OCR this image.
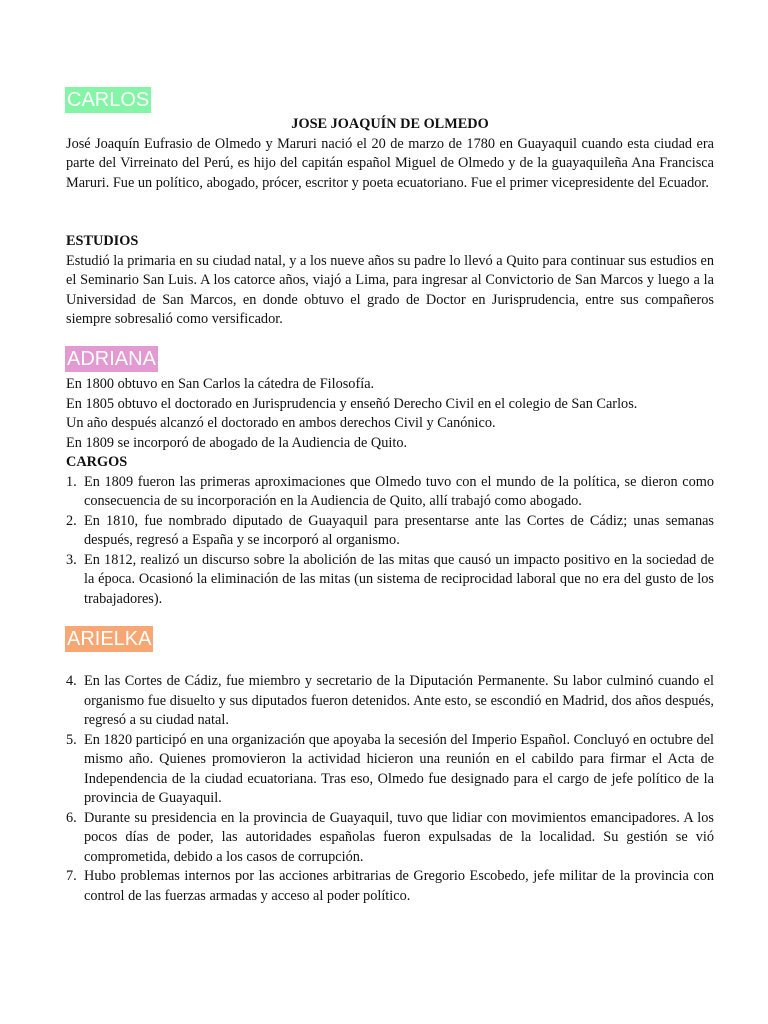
CARLOS

JOSE JOAQUÍN DE OLMEDO

José Joaquín Eufrasio de Olmedo y Maruri nació el 20 de marzo de 1780 en Guayaquil cuando esta ciudad era parte del Virreinato del Perú, es hijo del capitán español Miguel de Olmedo y de la guayaquileña Ana Francisca Maruri. Fue un político, abogado, prócer, escritor y poeta ecuatoriano. Fue el primer vicepresidente del Ecuador.

ESTUDIOS

Estudió la primaria en su ciudad natal, y a los nueve años su padre lo llevó a Quito para continuar sus estudios en el Seminario San Luis. A los catorce años, viajó a Lima, para ingresar al Convictorio de San Marcos y luego a la Universidad de San Marcos, en donde obtuvo el grado de Doctor en Jurisprudencia, entre sus compañeros siempre sobresalió como versificador.

ADRIANA

En 1800 obtuvo en San Carlos la cátedra de Filosofía.

En 1805 obtuvo el doctorado en Jurisprudencia y enseñó Derecho Civil en el colegio de San Carlos.

Un año después alcanzó el doctorado en ambos derechos Civil y Canónico.

En 1809 se incorporó de abogado de la Audiencia de Quito.

CARGOS

1. En 1809 fueron las primeras aproximaciones que Olmedo tuvo con el mundo de la política, se dieron como consecuencia de su incorporación en la Audiencia de Quito, allí trabajó como abogado.
2. En 1810, fue nombrado diputado de Guayaquil para presentarse ante las Cortes de Cádiz; unas semanas después, regresó a España y se incorporó al organismo.
3. En 1812, realizó un discurso sobre la abolición de las mitas que causó un impacto positivo en la sociedad de la época. Ocasionó la eliminación de las mitas (un sistema de reciprocidad laboral que no era del gusto de los trabajadores).
ARIELKA
4. En las Cortes de Cádiz, fue miembro y secretario de la Diputación Permanente. Su labor culminó cuando el organismo fue disuelto y sus diputados fueron detenidos. Ante esto, se escondió en Madrid, dos años después, regresó a su ciudad natal.
5. En 1820 participó en una organización que apoyaba la secesión del Imperio Español. Concluyó en octubre del mismo año. Quienes promovieron la actividad hicieron una reunión en el cabildo para firmar el Acta de Independencia de la ciudad ecuatoriana. Tras eso, Olmedo fue designado para el cargo de jefe político de la provincia de Guayaquil.
6. Durante su presidencia en la provincia de Guayaquil, tuvo que lidiar con movimientos emancipadores. A los pocos días de poder, las autoridades españolas fueron expulsadas de la localidad. Su gestión se vió comprometida, debido a los casos de corrupción.
7. Hubo problemas internos por las acciones arbitrarias de Gregorio Escobedo, jefe militar de la provincia con control de las fuerzas armadas y acceso al poder político.
